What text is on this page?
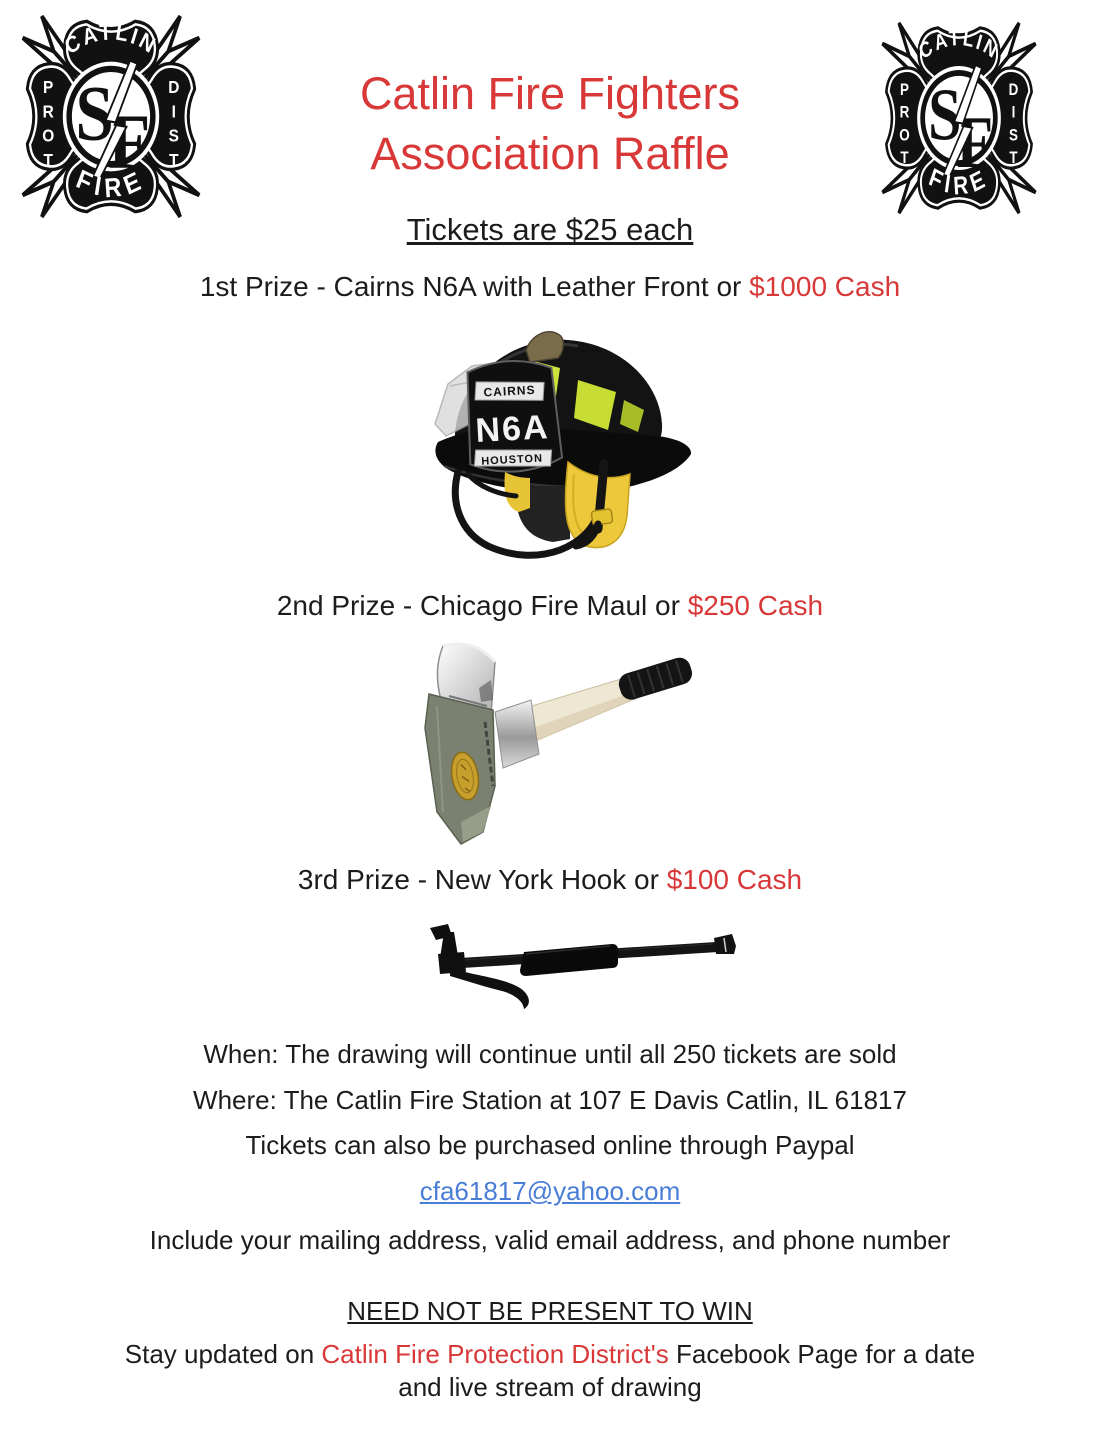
Catlin Fire Fighters
Association Raffle
Tickets are $25 each
1st Prize - Cairns N6A with Leather Front or $1000 Cash
CAIRNS
N6A
HOUSTON
2nd Prize - Chicago Fire Maul or $250 Cash
3rd Prize - New York Hook or $100 Cash
When: The drawing will continue until all 250 tickets are sold
Where: The Catlin Fire Station at 107 E Davis Catlin, IL 61817
Tickets can also be purchased online through Paypal
cfa61817@yahoo.com
Include your mailing address, valid email address, and phone number
NEED NOT BE PRESENT TO WIN
Stay updated on Catlin Fire Protection District's Facebook Page for a date
and live stream of drawing
